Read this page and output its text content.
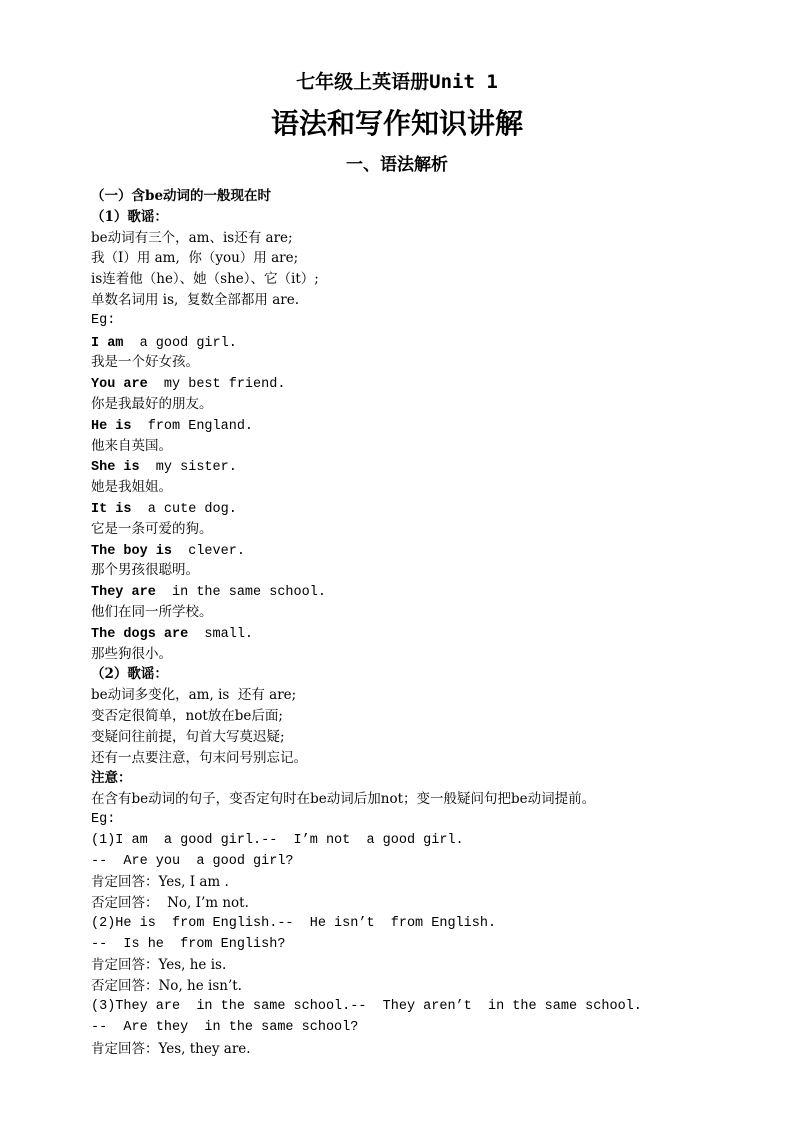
七年级上英语册Unit 1
语法和写作知识讲解
一、语法解析
（一）含be动词的一般现在时
（1）歌谣：
be动词有三个，am、is还有 are;
我（I）用 am,  你（you）用 are;
is连着他（he）、她（she）、它（it）;
单数名词用 is,  复数全部都用 are.
Eg:
I am  a good girl.
我是一个好女孩。
You are  my best friend.
你是我最好的朋友。
He is  from England.
他来自英国。
She is  my sister.
她是我姐姐。
It is  a cute dog.
它是一条可爱的狗。
The boy is  clever.
那个男孩很聪明。
They are  in the same school.
他们在同一所学校。
The dogs are  small.
那些狗很小。
（2）歌谣：
be动词多变化，am, is  还有 are;
变否定很简单，not放在be后面;
变疑问往前提，句首大写莫迟疑;
还有一点要注意，句末问号别忘记。
注意：
在含有be动词的句子，变否定句时在be动词后加not；变一般疑问句把be动词提前。
Eg:
(1)I am  a good girl.--  I’m not  a good girl.
--  Are you  a good girl?
肯定回答：Yes, I am .
否定回答：  No, I’m not.
(2)He is  from English.--  He isn’t  from English.
--  Is he  from English?
肯定回答：Yes, he is.
否定回答：No, he isn’t.
(3)They are  in the same school.--  They aren’t  in the same school.
--  Are they  in the same school?
肯定回答：Yes, they are.
